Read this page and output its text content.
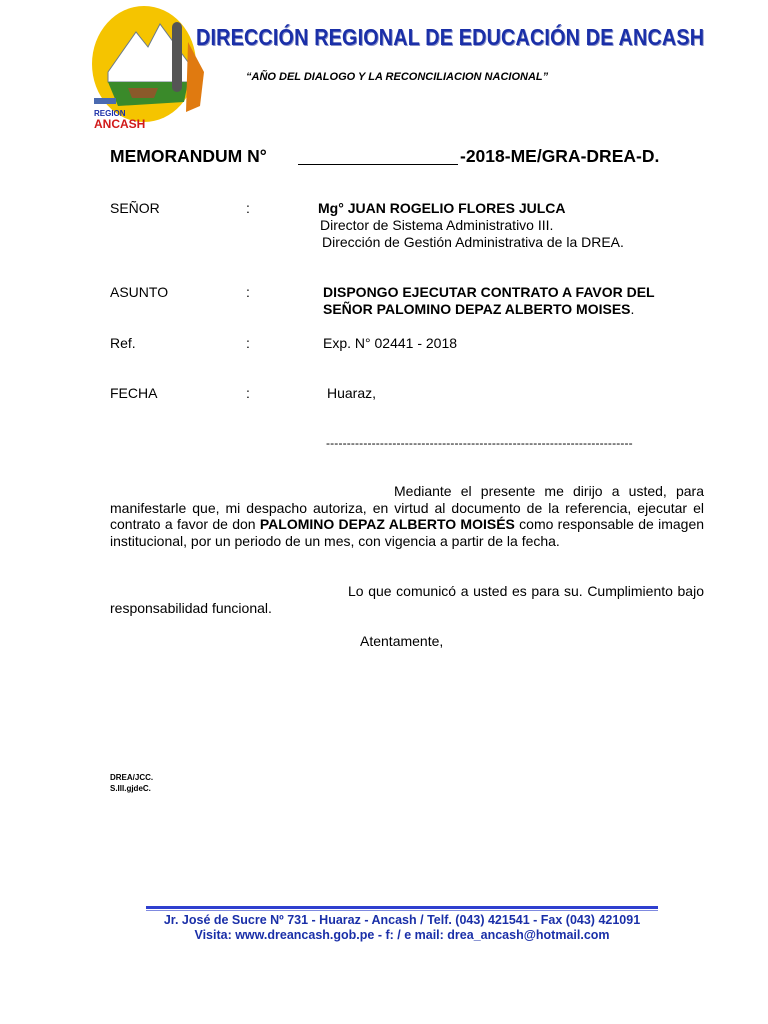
REGION
ANCASH
DIRECCIÓN REGIONAL DE EDUCACIÓN DE ANCASH
“AÑO DEL DIALOGO Y LA RECONCILIACION NACIONAL”
MEMORANDUM N°	-2018-ME/GRA-DREA-D.
SEÑOR	:	Mg° JUAN ROGELIO FLORES JULCA
Director de Sistema Administrativo III.
Dirección de Gestión Administrativa de la DREA.
ASUNTO	:	DISPONGO EJECUTAR CONTRATO A FAVOR DEL
SEÑOR PALOMINO DEPAZ ALBERTO MOISES.
Ref.	:	Exp. N° 02441 - 2018
FECHA	:	Huaraz,
--------------------------------------------------------------------------
Mediante el presente me dirijo a usted, para manifestarle que, mi despacho autoriza, en virtud al documento de la referencia, ejecutar el contrato a favor de don PALOMINO DEPAZ ALBERTO MOISÉS como responsable de imagen institucional, por un periodo de un mes, con vigencia a partir de la fecha.
Lo que comunicó a usted es para su. Cumplimiento bajo responsabilidad funcional.
Atentamente,
DREA/JCC.
S.III.gjdeC.
Jr. José de Sucre Nº 731 - Huaraz - Ancash / Telf. (043) 421541 - Fax (043) 421091
Visita: www.dreancash.gob.pe - f: / e mail: drea_ancash@hotmail.com
